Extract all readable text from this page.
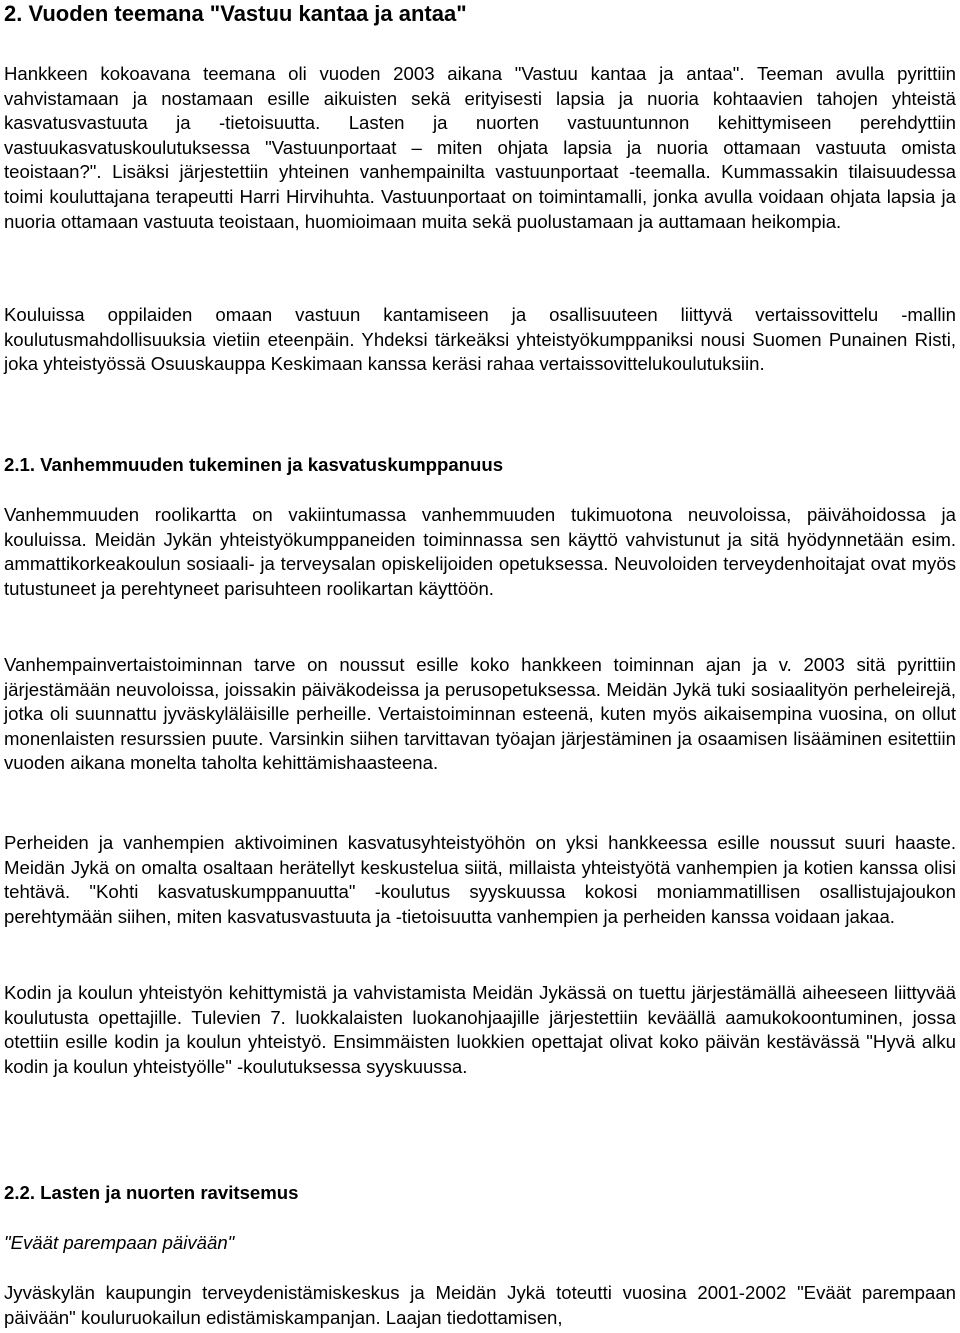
2. Vuoden teemana "Vastuu kantaa ja antaa"

Hankkeen kokoavana teemana oli vuoden 2003 aikana "Vastuu kantaa ja antaa". Teeman avulla pyrittiin vahvistamaan ja nostamaan esille aikuisten sekä erityisesti lapsia ja nuoria kohtaavien tahojen yhteistä kasvatusvastuuta ja -tietoisuutta. Lasten ja nuorten vastuuntunnon kehittymiseen perehdyttiin vastuukasvatuskoulutuksessa "Vastuunportaat – miten ohjata lapsia ja nuoria ottamaan vastuuta omista teoistaan?". Lisäksi järjestettiin yhteinen vanhempainilta vastuunportaat -teemalla. Kummassakin tilaisuudessa toimi kouluttajana terapeutti Harri Hirvihuhta. Vastuunportaat on toimintamalli, jonka avulla voidaan ohjata lapsia ja nuoria ottamaan vastuuta teoistaan, huomioimaan muita sekä puolustamaan ja auttamaan heikompia.

Kouluissa oppilaiden omaan vastuun kantamiseen ja osallisuuteen liittyvä vertaissovittelu -mallin koulutusmahdollisuuksia vietiin eteenpäin. Yhdeksi tärkeäksi yhteistyökumppaniksi nousi Suomen Punainen Risti, joka yhteistyössä Osuuskauppa Keskimaan kanssa keräsi rahaa vertaissovittelukoulutuksiin.

2.1. Vanhemmuuden tukeminen ja kasvatuskumppanuus

Vanhemmuuden roolikartta on vakiintumassa vanhemmuuden tukimuotona neuvoloissa, päivähoidossa ja kouluissa. Meidän Jykän yhteistyökumppaneiden toiminnassa sen käyttö vahvistunut ja sitä hyödynnetään esim. ammattikorkeakoulun sosiaali- ja terveysalan opiskelijoiden opetuksessa. Neuvoloiden terveydenhoitajat ovat myös tutustuneet ja perehtyneet parisuhteen roolikartan käyttöön.

Vanhempainvertaistoiminnan tarve on noussut esille koko hankkeen toiminnan ajan ja v. 2003 sitä pyrittiin järjestämään neuvoloissa, joissakin päiväkodeissa ja perusopetuksessa. Meidän Jykä tuki sosiaalityön perheleirejä, jotka oli suunnattu jyväskyläläisille perheille. Vertaistoiminnan esteenä, kuten myös aikaisempina vuosina, on ollut monenlaisten resurssien puute. Varsinkin siihen tarvittavan työajan järjestäminen ja osaamisen lisääminen esitettiin vuoden aikana monelta taholta kehittämishaasteena.

Perheiden ja vanhempien aktivoiminen kasvatusyhteistyöhön on yksi hankkeessa esille noussut suuri haaste. Meidän Jykä on omalta osaltaan herätellyt keskustelua siitä, millaista yhteistyötä vanhempien ja kotien kanssa olisi tehtävä. "Kohti kasvatuskumppanuutta" -koulutus syyskuussa kokosi moniammatillisen osallistujajoukon perehtymään siihen, miten kasvatusvastuuta ja -tietoisuutta vanhempien ja perheiden kanssa voidaan jakaa.

Kodin ja koulun yhteistyön kehittymistä ja vahvistamista Meidän Jykässä on tuettu järjestämällä aiheeseen liittyvää koulutusta opettajille. Tulevien 7. luokkalaisten luokanohjaajille järjestettiin keväällä aamukokoontuminen, jossa otettiin esille kodin ja koulun yhteistyö. Ensimmäisten luokkien opettajat olivat koko päivän kestävässä "Hyvä alku kodin ja koulun yhteistyölle" -koulutuksessa syyskuussa.

2.2. Lasten ja nuorten ravitsemus

"Eväät parempaan päivään"

Jyväskylän kaupungin terveydenistämiskeskus ja Meidän Jykä toteutti vuosina 2001-2002 "Eväät parempaan päivään" kouluruokailun edistämiskampanjan. Laajan tiedottamisen,
